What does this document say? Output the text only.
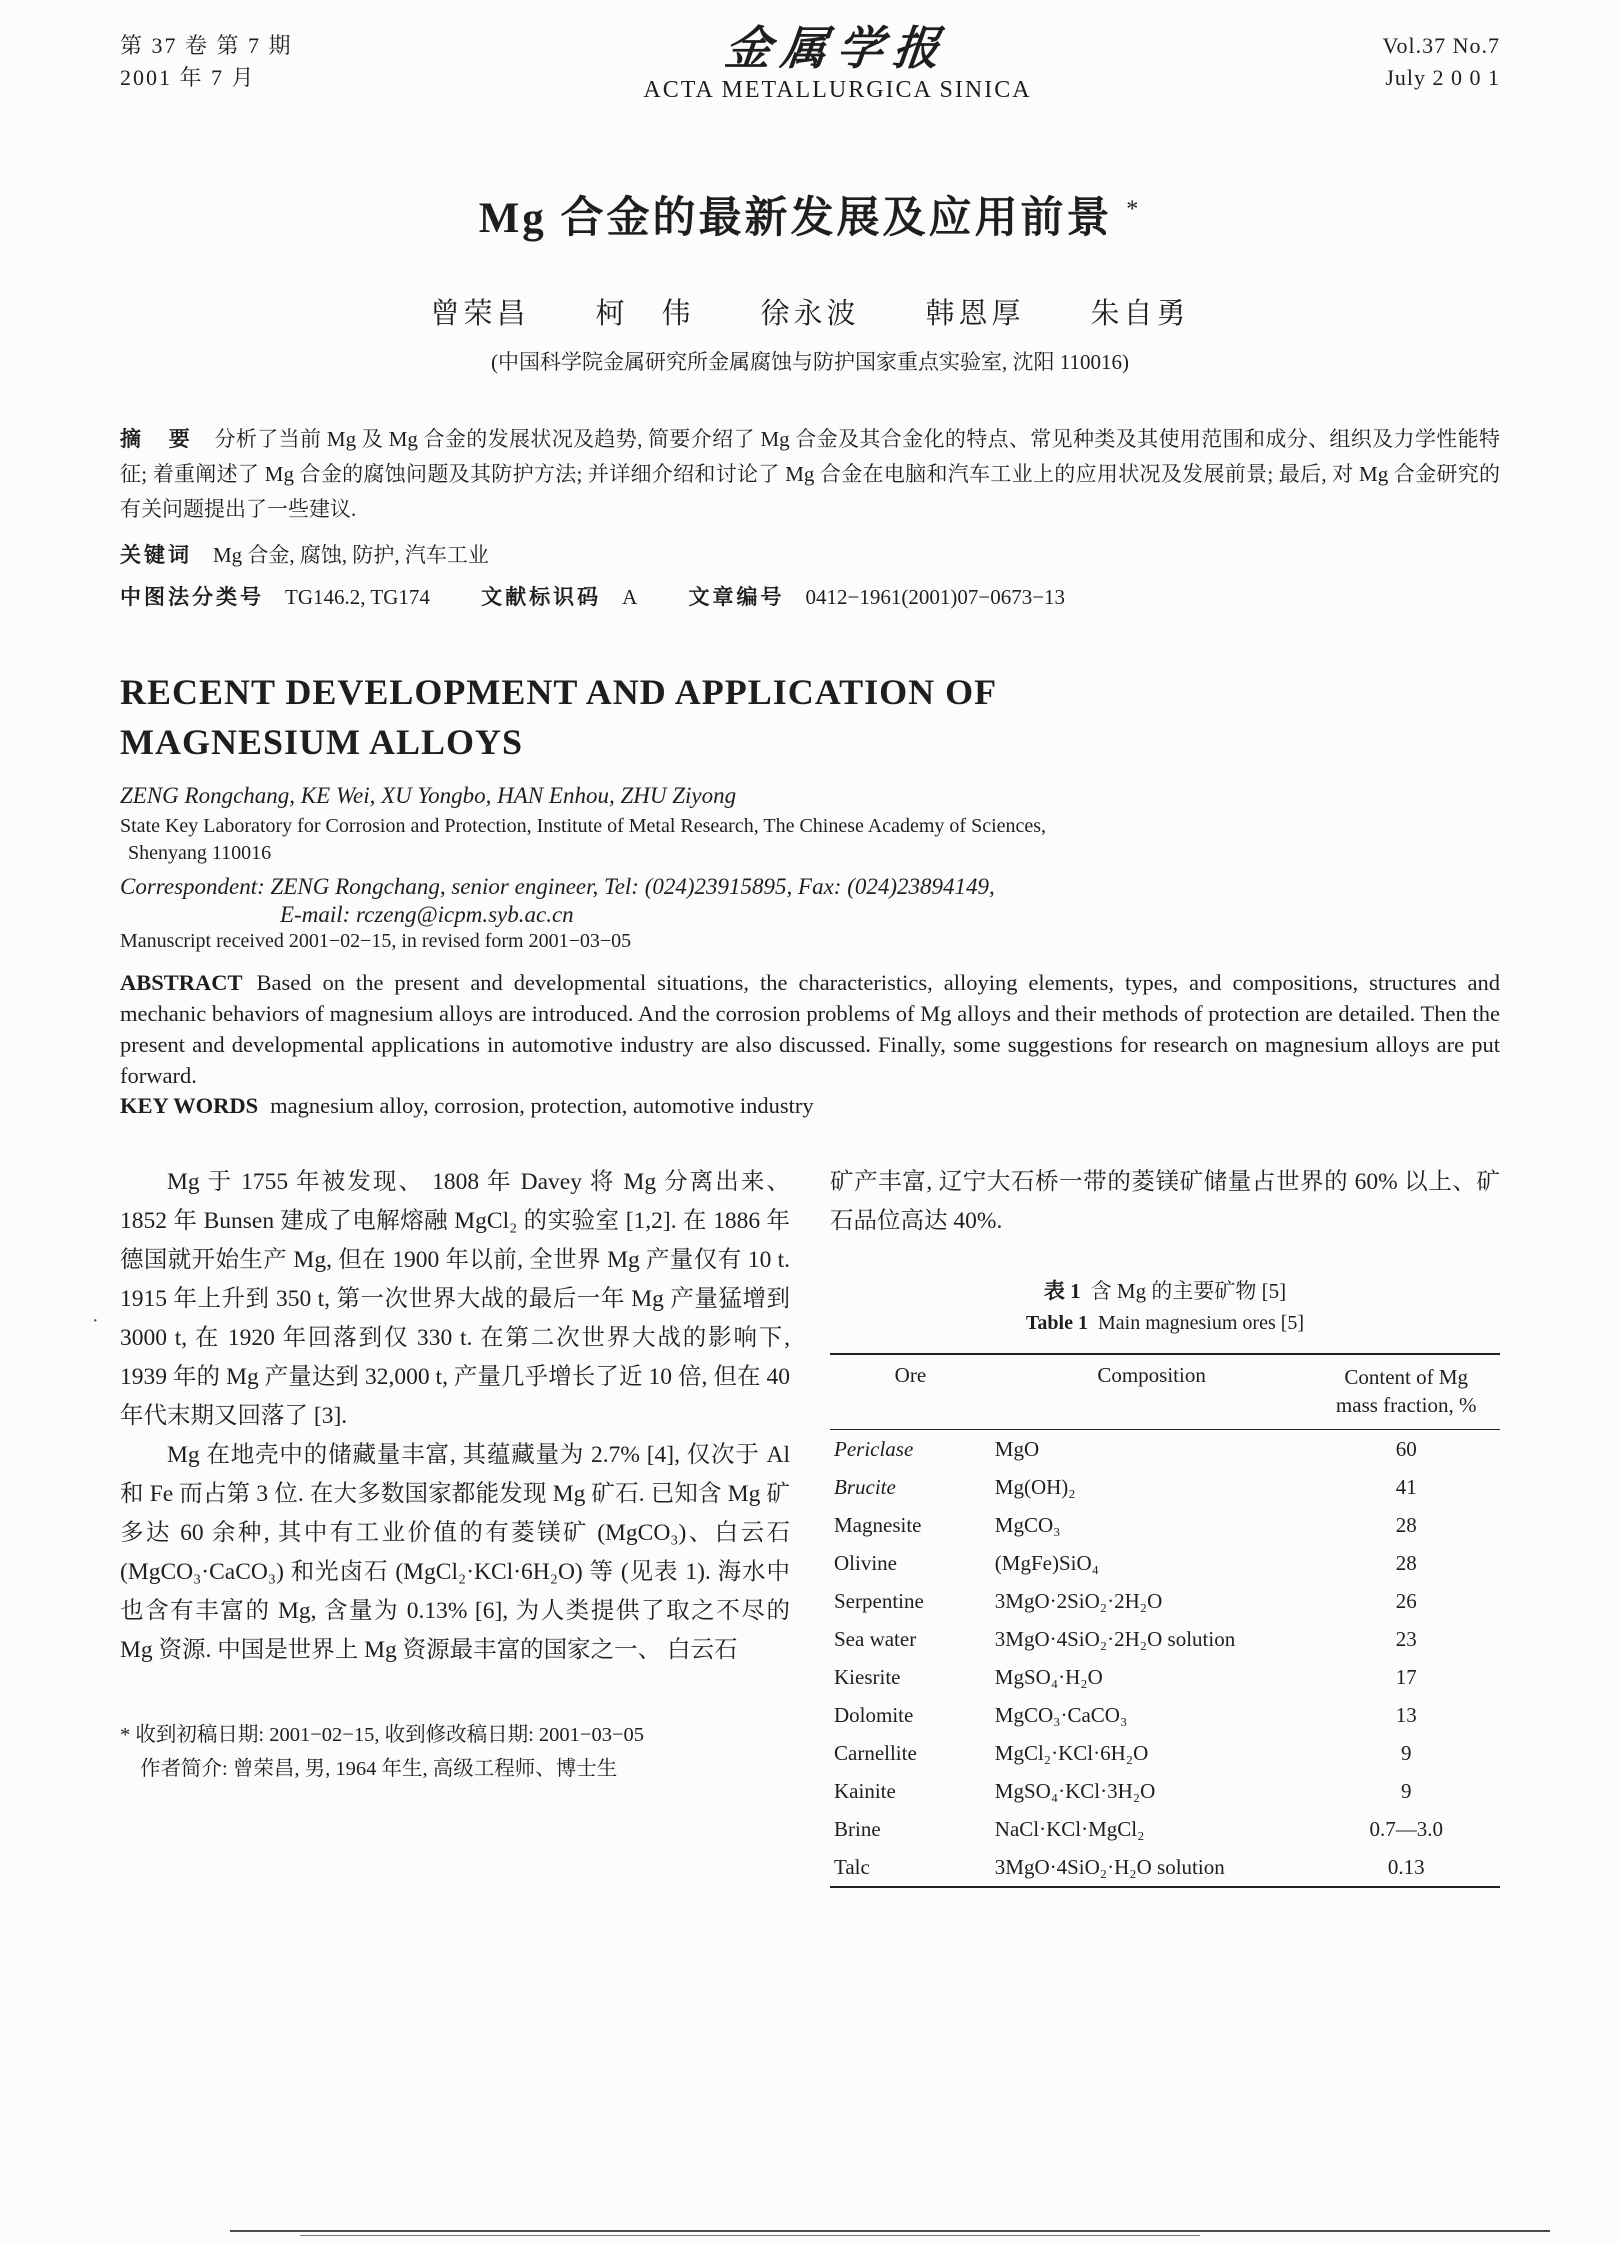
第 37 卷 第 7 期
2001 年 7 月
金属学报
ACTA METALLURGICA SINICA
Vol.37 No.7
July 2 0 0 1
Mg 合金的最新发展及应用前景 *
曾荣昌　　柯　伟　　徐永波　　韩恩厚　　朱自勇
(中国科学院金属研究所金属腐蚀与防护国家重点实验室, 沈阳 110016)

摘　要　 分析了当前 Mg 及 Mg 合金的发展状况及趋势, 简要介绍了 Mg 合金及其合金化的特点、常见种类及其使用范围和成分、组织及力学性能特征; 着重阐述了 Mg 合金的腐蚀问题及其防护方法; 并详细介绍和讨论了 Mg 合金在电脑和汽车工业上的应用状况及发展前景; 最后, 对 Mg 合金研究的有关问题提出了一些建议.

关键词　 Mg 合金, 腐蚀, 防护, 汽车工业

中图法分类号　 TG146.2, TG174 文献标识码　 A 文章编号　 0412−1961(2001)07−0673−13

RECENT DEVELOPMENT AND APPLICATION OF
MAGNESIUM ALLOYS
ZENG Rongchang, KE Wei, XU Yongbo, HAN Enhou, ZHU Ziyong
State Key Laboratory for Corrosion and Protection, Institute of Metal Research, The Chinese Academy of Sciences,
Shenyang 110016
Correspondent: ZENG Rongchang, senior engineer, Tel: (024)23915895, Fax: (024)23894149,
E-mail: rczeng@icpm.syb.ac.cn
Manuscript received 2001−02−15, in revised form 2001−03−05

ABSTRACT Based on the present and developmental situations, the characteristics, alloying elements, types, and compositions, structures and mechanic behaviors of magnesium alloys are introduced. And the corrosion problems of Mg alloys and their methods of protection are detailed. Then the present and developmental applications in automotive industry are also discussed. Finally, some suggestions for research on magnesium alloys are put forward.

KEY WORDS magnesium alloy, corrosion, protection, automotive industry

Mg 于 1755 年被发现、 1808 年 Davey 将 Mg 分离出来、 1852 年 Bunsen 建成了电解熔融 MgCl₂ 的实验室 [1,2]. 在 1886 年德国就开始生产 Mg, 但在 1900 年以前, 全世界 Mg 产量仅有 10 t. 1915 年上升到 350 t, 第一次世界大战的最后一年 Mg 产量猛增到 3000 t, 在 1920 年回落到仅 330 t. 在第二次世界大战的影响下, 1939 年的 Mg 产量达到 32,000 t, 产量几乎增长了近 10 倍, 但在 40 年代末期又回落了 [3].

Mg 在地壳中的储藏量丰富, 其蕴藏量为 2.7% [4], 仅次于 Al 和 Fe 而占第 3 位. 在大多数国家都能发现 Mg 矿石. 已知含 Mg 矿多达 60 余种, 其中有工业价值的有菱镁矿 (MgCO₃)、白云石 (MgCO₃·CaCO₃) 和光卤石 (MgCl₂·KCl·6H₂O) 等 (见表 1). 海水中也含有丰富的 Mg, 含量为 0.13% [6], 为人类提供了取之不尽的 Mg 资源. 中国是世界上 Mg 资源最丰富的国家之一、 白云石

* 收到初稿日期: 2001−02−15, 收到修改稿日期: 2001−03−05
作者简介: 曾荣昌, 男, 1964 年生, 高级工程师、博士生

矿产丰富, 辽宁大石桥一带的菱镁矿储量占世界的 60% 以上、矿石品位高达 40%.

表 1 含 Mg 的主要矿物 [5]
Table 1 Main magnesium ores [5]
Ore	Composition	Content of Mg
mass fraction, %

Periclase	MgO	60
Brucite	Mg(OH)₂	41
Magnesite	MgCO₃	28
Olivine	(MgFe)SiO₄	28
Serpentine	3MgO·2SiO₂·2H₂O	26
Sea water	3MgO·4SiO₂·2H₂O solution	23
Kiesrite	MgSO₄·H₂O	17
Dolomite	MgCO₃·CaCO₃	13
Carnellite	MgCl₂·KCl·6H₂O	9
Kainite	MgSO₄·KCl·3H₂O	9
Brine	NaCl·KCl·MgCl₂	0.7—3.0
Talc	3MgO·4SiO₂·H₂O solution	0.13
·
